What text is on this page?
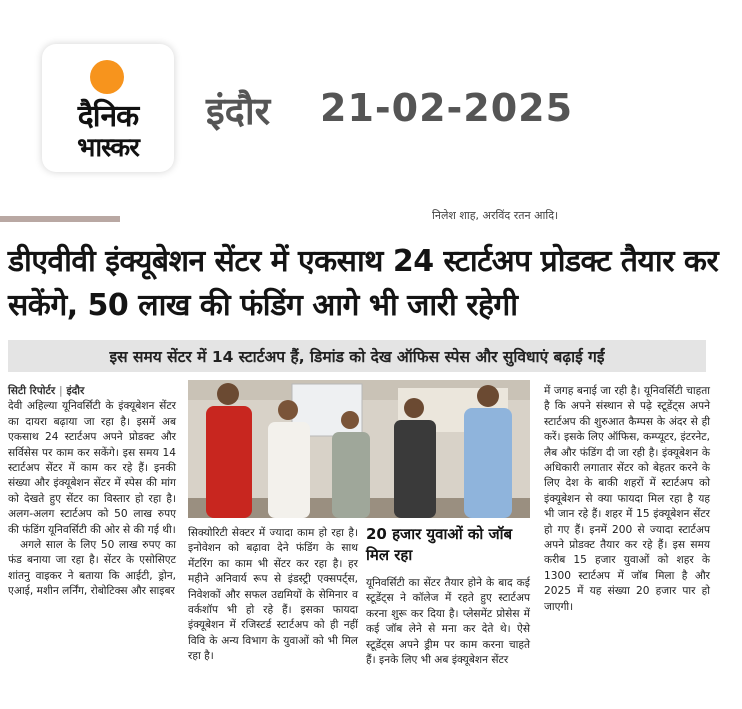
दैनिक
भास्कर
इंदौर 21-02-2025
निलेश शाह, अरविंद रतन आदि।
डीएवीवी इंक्यूबेशन सेंटर में एकसाथ 24 स्टार्टअप प्रोडक्ट तैयार कर सकेंगे, 50 लाख की फंडिंग आगे भी जारी रहेगी
इस समय सेंटर में 14 स्टार्टअप हैं, डिमांड को देख ऑफिस स्पेस और सुविधाएं बढ़ाई गईं
सिटी रिपोर्टर | इंदौर
देवी अहिल्या यूनिवर्सिटी के इंक्यूबेशन सेंटर का दायरा बढ़ाया जा रहा है। इसमें अब एकसाथ 24 स्टार्टअप अपने प्रोडक्ट और सर्विसेस पर काम कर सकेंगे। इस समय 14 स्टार्टअप सेंटर में काम कर रहे हैं। इनकी संख्या और इंक्यूबेशन सेंटर में स्पेस की मांग को देखते हुए सेंटर का विस्तार हो रहा है। अलग-अलग स्टार्टअप को 50 लाख रुपए की फंडिंग यूनिवर्सिटी की ओर से की गई थी।
अगले साल के लिए 50 लाख रुपए का फंड बनाया जा रहा है। सेंटर के एसोसिएट शांतनु वाइकर ने बताया कि आईटी, ड्रोन, एआई, मशीन लर्निंग, रोबोटिक्स और साइबर
सिक्योरिटी सेक्टर में ज्यादा काम हो रहा है। इनोवेशन को बढ़ावा देने फंडिंग के साथ मेंटरिंग का काम भी सेंटर कर रहा है। हर महीने अनिवार्य रूप से इंडस्ट्री एक्सपर्ट्स, निवेशकों और सफल उद्यमियों के सेमिनार व वर्कशॉप भी हो रहे हैं। इसका फायदा इंक्यूबेशन में रजिस्टर्ड स्टार्टअप को ही नहीं विवि के अन्य विभाग के युवाओं को भी मिल रहा है।
20 हजार युवाओं को जॉब मिल रहा
यूनिवर्सिटी का सेंटर तैयार होने के बाद कई स्टूडेंट्स ने कॉलेज में रहते हुए स्टार्टअप करना शुरू कर दिया है। प्लेसमेंट प्रोसेस में कई जॉब लेने से मना कर देते थे। ऐसे स्टूडेंट्स अपने ड्रीम पर काम करना चाहते हैं। इनके लिए भी अब इंक्यूबेशन सेंटर
में जगह बनाई जा रही है। यूनिवर्सिटी चाहता है कि अपने संस्थान से पढ़े स्टूडेंट्स अपने स्टार्टअप की शुरुआत कैम्पस के अंदर से ही करें। इसके लिए ऑफिस, कम्प्यूटर, इंटरनेट, लैब और फंडिंग दी जा रही है। इंक्यूबेशन के अधिकारी लगातार सेंटर को बेहतर करने के लिए देश के बाकी शहरों में स्टार्टअप को इंक्यूबेशन से क्या फायदा मिल रहा है यह भी जान रहे हैं। शहर में 15 इंक्यूबेशन सेंटर हो गए हैं। इनमें 200 से ज्यादा स्टार्टअप अपने प्रोडक्ट तैयार कर रहे हैं। इस समय करीब 15 हजार युवाओं को शहर के 1300 स्टार्टअप में जॉब मिला है और 2025 में यह संख्या 20 हजार पार हो जाएगी।
